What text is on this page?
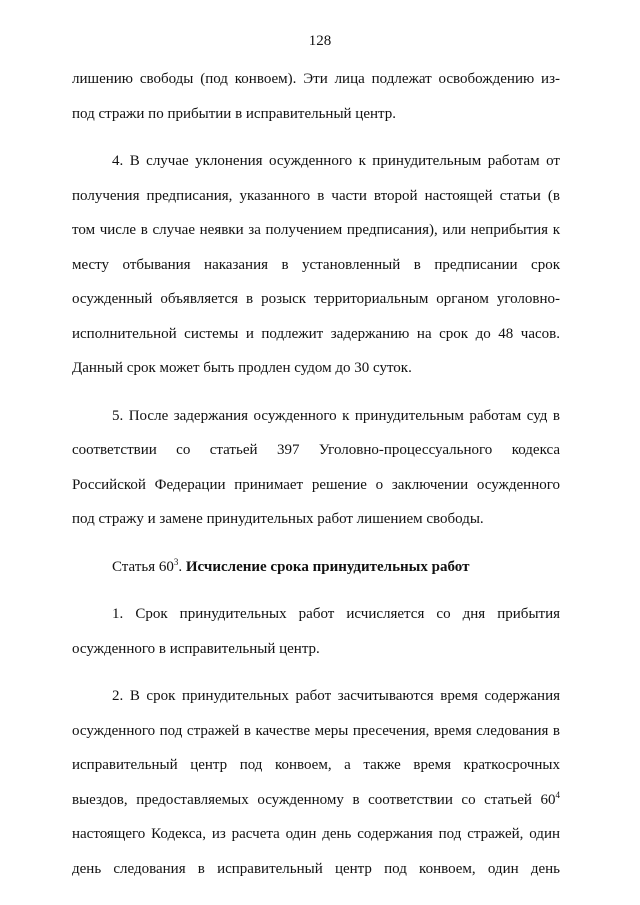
128

лишению свободы (под конвоем). Эти лица подлежат освобождению из-
под стражи по прибытии в исправительный центр.

4. В случае уклонения осужденного к принудительным работам от
получения предписания, указанного в части второй настоящей статьи (в
том числе в случае неявки за получением предписания), или неприбытия к
месту отбывания наказания в установленный в предписании срок
осужденный объявляется в розыск территориальным органом уголовно-
исполнительной системы и подлежит задержанию на срок до 48 часов.
Данный срок может быть продлен судом до 30 суток.

5. После задержания осужденного к принудительным работам суд в
соответствии со статьей 397 Уголовно-процессуального кодекса
Российской Федерации принимает решение о заключении осужденного
под стражу и замене принудительных работ лишением свободы.

Статья $60^3$. Исчисление срока принудительных работ

1. Срок принудительных работ исчисляется со дня прибытия
осужденного в исправительный центр.

2. В срок принудительных работ засчитываются время содержания
осужденного под стражей в качестве меры пресечения, время следования в
исправительный центр под конвоем, а также время краткосрочных
выездов, предоставляемых осужденному в соответствии со статьей $60^4$
настоящего Кодекса, из расчета один день содержания под стражей, один
день следования в исправительный центр под конвоем, один день
